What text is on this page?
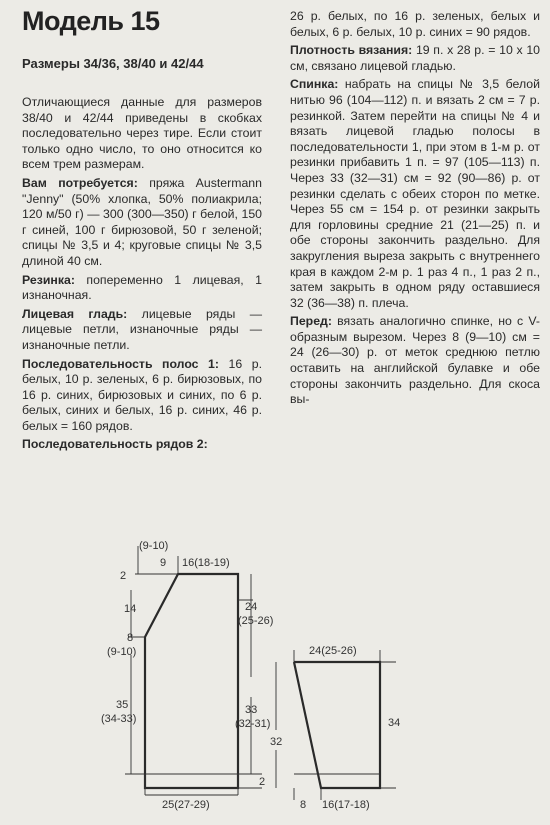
Модель 15
Размеры 34/36, 38/40 и 42/44

Отличающиеся данные для размеров 38/40 и 42/44 приведены в скобках последовательно через тире. Если стоит только одно число, то оно относится ко всем трем размерам.

Вам потребуется: пряжа Austermann "Jenny" (50% хлопка, 50% полиакрила; 120 м/50 г) — 300 (300—350) г белой, 150 г синей, 100 г бирюзовой, 50 г зеленой; спицы № 3,5 и 4; круговые спицы № 3,5 длиной 40 см.

Резинка: попеременно 1 лицевая, 1 изнаночная.

Лицевая гладь: лицевые ряды — лицевые петли, изнаночные ряды — изнаночные петли.

Последовательность полос 1: 16 р. белых, 10 р. зеленых, 6 р. бирюзовых, по 16 р. синих, бирюзовых и синих, по 6 р. белых, синих и белых, 16 р. синих, 46 р. белых = 160 рядов.

Последовательность рядов 2:

26 р. белых, по 16 р. зеленых, белых и белых, 6 р. белых, 10 р. синих = 90 рядов.

Плотность вязания: 19 п. х 28 р. = 10 х 10 см, связано лицевой гладью.

Спинка: набрать на спицы № 3,5 белой нитью 96 (104—112) п. и вязать 2 см = 7 р. резинкой. Затем перейти на спицы № 4 и вязать лицевой гладью полосы в последовательности 1, при этом в 1-м р. от резинки прибавить 1 п. = 97 (105—113) п. Через 33 (32—31) см = 92 (90—86) р. от резинки сделать с обеих сторон по метке. Через 55 см = 154 р. от резинки закрыть для горловины средние 21 (21—25) п. и обе стороны закончить раздельно. Для закругления выреза закрыть с внутреннего края в каждом 2-м р. 1 раз 4 п., 1 раз 2 п., затем закрыть в одном ряду оставшиеся 32 (36—38) п. плеча.

Перед: вязать аналогично спинке, но с V-образным вырезом. Через 8 (9—10) см = 24 (26—30) р. от меток среднюю петлю оставить на английской булавке и обе стороны закончить раздельно. Для скоса вы-

(9-10)
9 16(18-19)
2
14
8
(9-10)
24
(25-26)
35
(34-33)
33
(32-31)
2
25(27-29)
24(25-26)
32
34
8 16(17-18)
